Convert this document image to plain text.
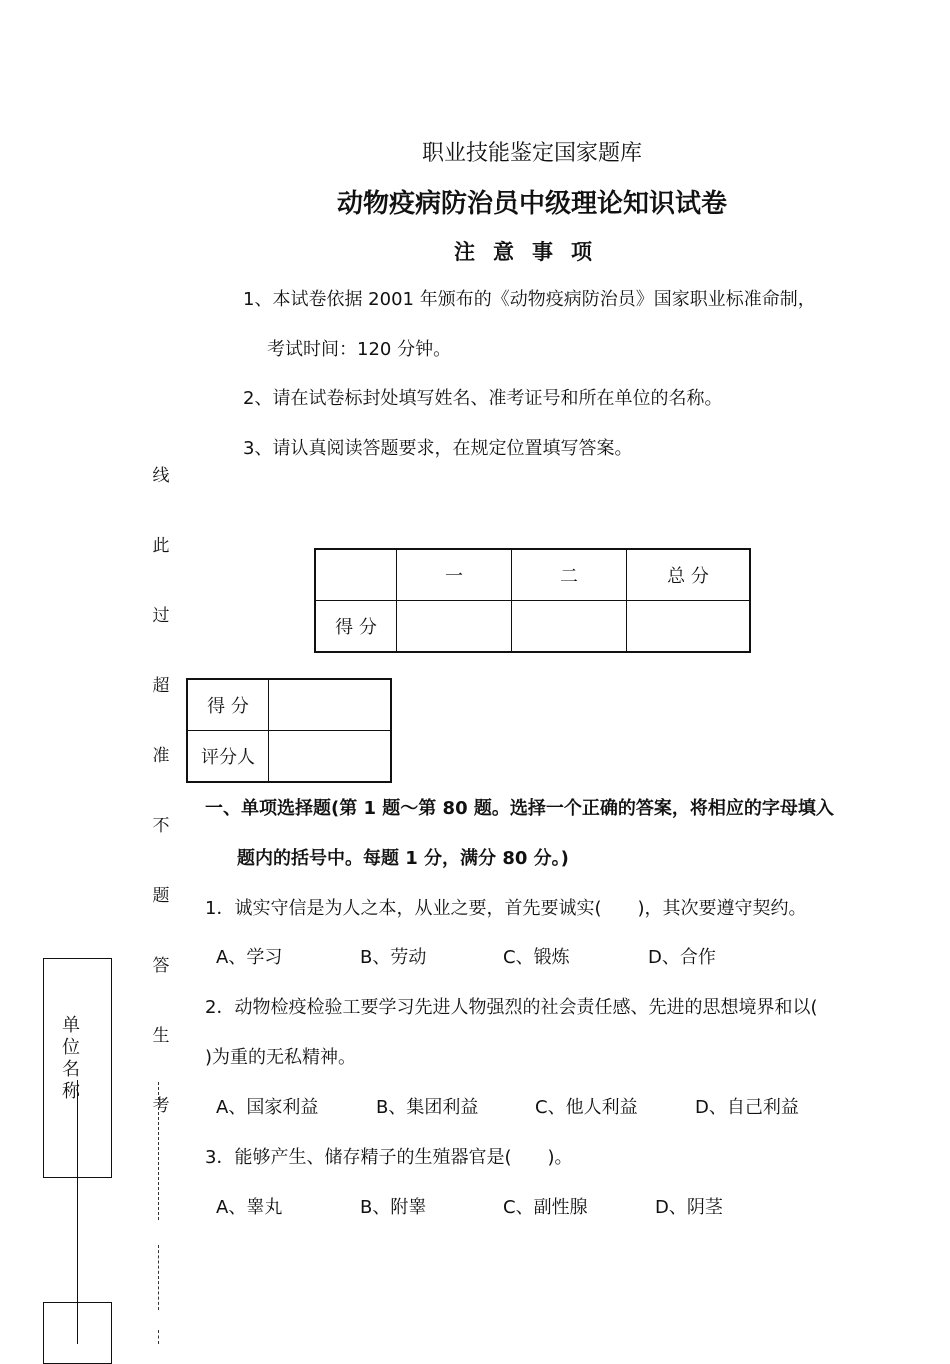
职业技能鉴定国家题库
动物疫病防治员中级理论知识试卷
注意事项
1、本试卷依据 2001 年颁布的《动物疫病防治员》国家职业标准命制，
考试时间：120 分钟。
2、请在试卷标封处填写姓名、准考证号和所在单位的名称。
3、请认真阅读答题要求，在规定位置填写答案。
	一	二	总 分
得 分			
得 分	
评分人	
线
此
过
超
准
不
题
答
生
考
单位名称
一、单项选择题(第 1 题～第 80 题。选择一个正确的答案，将相应的字母填入
题内的括号中。每题 1 分，满分 80 分。)
1．诚实守信是为人之本，从业之要，首先要诚实(　　)，其次要遵守契约。
A、学习	B、劳动	C、锻炼	D、合作
2．动物检疫检验工要学习先进人物强烈的社会责任感、先进的思想境界和以(
)为重的无私精神。
A、国家利益	B、集团利益	C、他人利益	D、自己利益
3．能够产生、储存精子的生殖器官是(　　)。
A、睾丸	B、附睾	C、副性腺	D、阴茎
